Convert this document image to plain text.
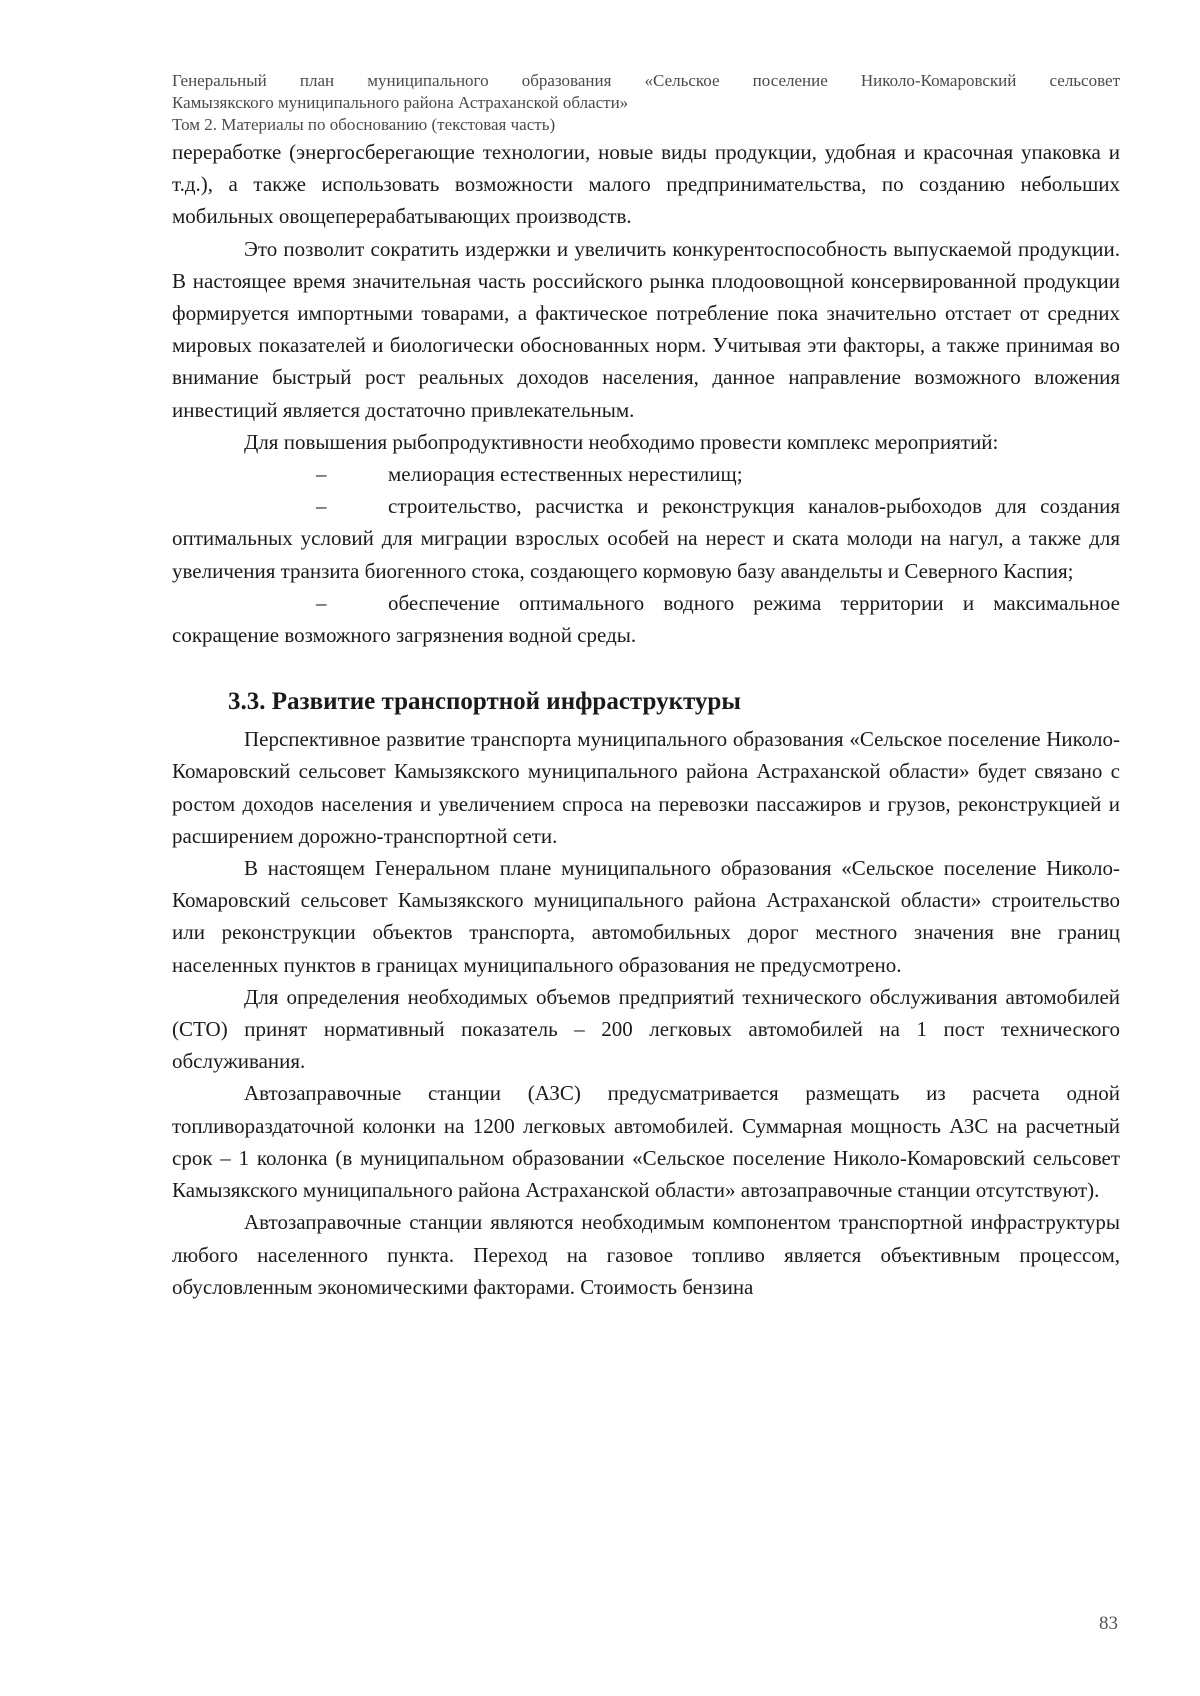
Генеральный план муниципального образования «Сельское поселение Николо-Комаровский сельсовет
Камызякского муниципального района Астраханской области»
Том 2. Материалы по обоснованию (текстовая часть)

переработке (энергосберегающие технологии, новые виды продукции, удобная и красочная упаковка и т.д.), а также использовать возможности малого предпринимательства, по созданию небольших мобильных овощеперерабатывающих производств.

Это позволит сократить издержки и увеличить конкурентоспособность выпускаемой продукции. В настоящее время значительная часть российского рынка плодоовощной консервированной продукции формируется импортными товарами, а фактическое потребление пока значительно отстает от средних мировых показателей и биологически обоснованных норм. Учитывая эти факторы, а также принимая во внимание быстрый рост реальных доходов населения, данное направление возможного вложения инвестиций является достаточно привлекательным.

Для повышения рыбопродуктивности необходимо провести комплекс мероприятий:

–	мелиорация естественных нерестилищ;

–	строительство, расчистка и реконструкция каналов-рыбоходов для создания оптимальных условий для миграции взрослых особей на нерест и ската молоди на нагул, а также для увеличения транзита биогенного стока, создающего кормовую базу авандельты и Северного Каспия;

–	обеспечение оптимального водного режима территории и максимальное сокращение возможного загрязнения водной среды.

3.3. Развитие транспортной инфраструктуры

Перспективное развитие транспорта муниципального образования «Сельское поселение Николо-Комаровский сельсовет Камызякского муниципального района Астраханской области» будет связано с ростом доходов населения и увеличением спроса на перевозки пассажиров и грузов, реконструкцией и расширением дорожно-транспортной сети.

В настоящем Генеральном плане муниципального образования «Сельское поселение Николо-Комаровский сельсовет Камызякского муниципального района Астраханской области» строительство или реконструкции объектов транспорта, автомобильных дорог местного значения вне границ населенных пунктов в границах муниципального образования не предусмотрено.

Для определения необходимых объемов предприятий технического обслуживания автомобилей (СТО) принят нормативный показатель – 200 легковых автомобилей на 1 пост технического обслуживания.

Автозаправочные станции (АЗС) предусматривается размещать из расчета одной топливораздаточной колонки на 1200 легковых автомобилей. Суммарная мощность АЗС на расчетный срок – 1 колонка (в муниципальном образовании «Сельское поселение Николо-Комаровский сельсовет Камызякского муниципального района Астраханской области» автозаправочные станции отсутствуют).

Автозаправочные станции являются необходимым компонентом транспортной инфраструктуры любого населенного пункта. Переход на газовое топливо является объективным процессом, обусловленным экономическими факторами. Стоимость бензина

83
